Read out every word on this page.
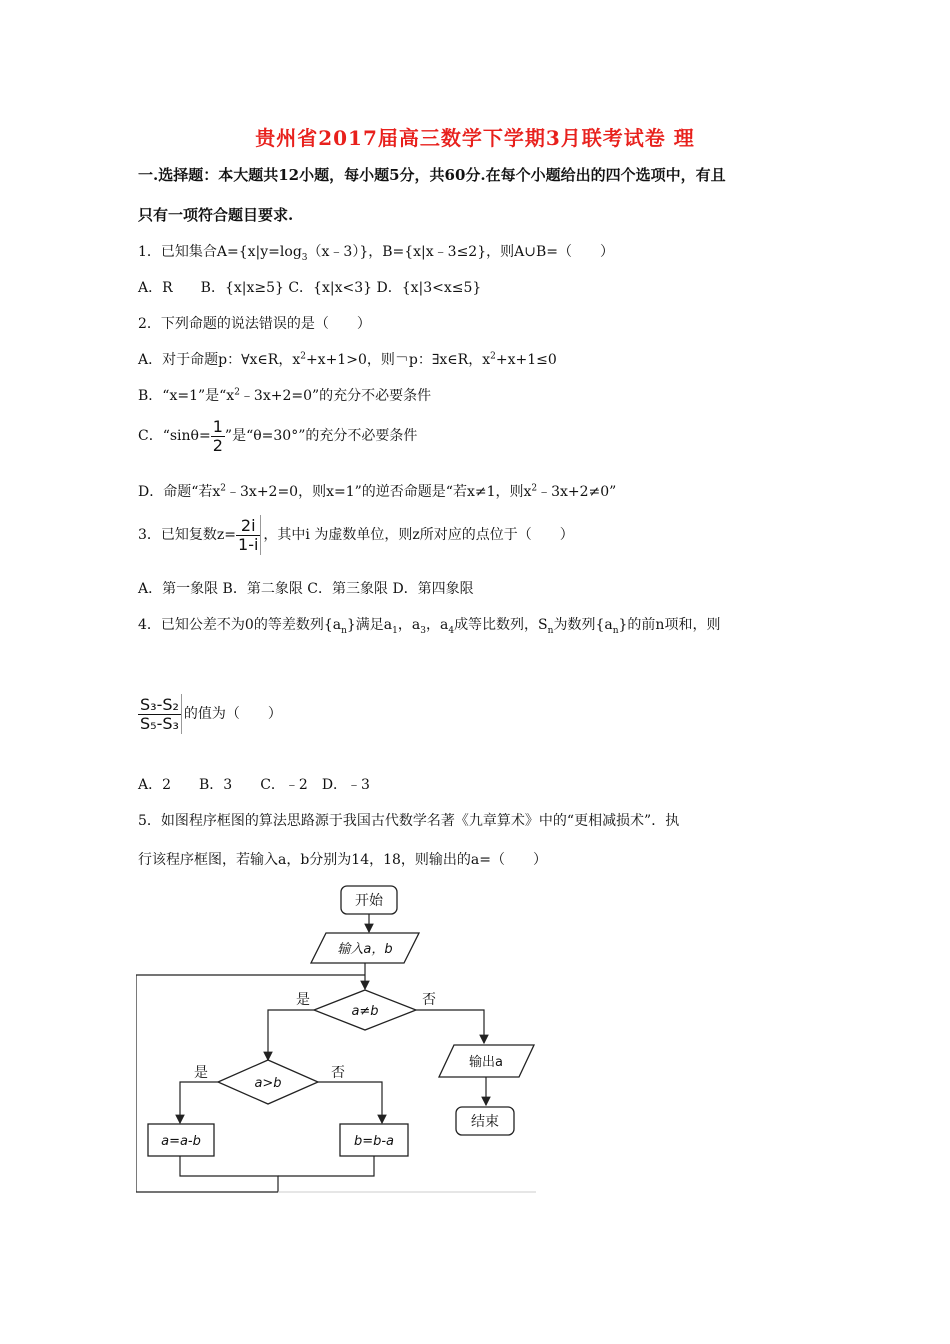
贵州省2017届高三数学下学期3月联考试卷 理
一.选择题：本大题共12小题，每小题5分，共60分.在每个小题给出的四个选项中，有且
只有一项符合题目要求.
1．已知集合$A=\{x|y=\log_3(x﹣3)\}$，B={x|x﹣3≤2}，则A∪B=（　　）
A．R　　B．{x|x≥5} C．{x|x<3} D．{x|3<x≤5}
2．下列命题的说法错误的是（　　）
A．对于命题p：∀x∈R，$x^2+x+1>0$，则￢p：∃x∈R，$x^2+x+1\le 0$
B．“x=1”是“$x^2﹣3x+2=0$”的充分不必要条件
C．“$\sin\theta= \frac{1}{2}$ ”是“θ=30°”的充分不必要条件
D．命题“若$x^2﹣3x+2=0$，则x=1”的逆否命题是“若x≠1，则$x^2﹣3x+2\ne 0$”
3．已知复数$z= \frac{2i}{1-i}$ ，其中i 为虚数单位，则z所对应的点位于（　　）
A．第一象限 B．第二象限 C．第三象限 D．第四象限
4．已知公差不为0的等差数列$\{a_n\}$满足$a_1$，$a_3$，$a_4$成等比数列，$S_n$为数列$\{a_n\}$的前n项和，则
$\frac{\text{S₃-S₂}}{\text{S₅-S₃}}$ 的值为（　　）
A．2　　B．3　　C．﹣2　D．﹣3
5．如图程序框图的算法思路源于我国古代数学名著《九章算术》中的“更相减损术”．执
行该程序框图，若输入a，b分别为14，18，则输出的a=（　　）
开始
输入a，b
a≠b
是	否
输出a
结束
a>b
是	否
a=a-b	b=b-a
